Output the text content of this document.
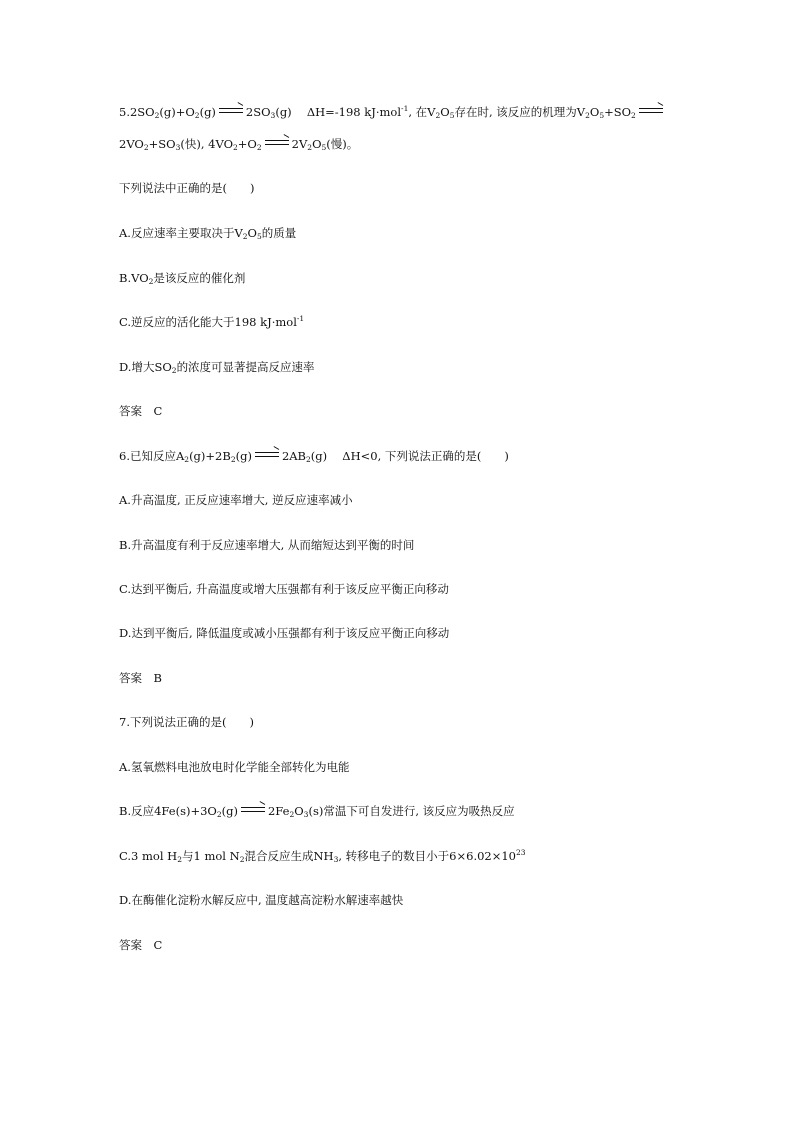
$5.2SO_2(g)+O_2(g) \to 2SO_3(g)$　 ΔH=-198 kJ·mol$^{-1}$, 在$V_2O_5$存在时, 该反应的机理为$V_2O_5+SO_2$ →
$2VO_2+SO_3$(快), $4VO_2+O_2 \to 2V_2O_5$(慢)。
下列说法中正确的是(　　)
A.反应速率主要取决于$V_2O_5$的质量
$B.VO_2$是该反应的催化剂
C.逆反应的活化能大于198 kJ·mol$^{-1}$
D.增大$SO_2$的浓度可显著提高反应速率
答案　C
6.已知反应$A_2(g)+2B_2(g) \to 2AB_2(g)$　 ΔH<0, 下列说法正确的是(　　)
A.升高温度, 正反应速率增大, 逆反应速率减小
B.升高温度有利于反应速率增大, 从而缩短达到平衡的时间
C.达到平衡后, 升高温度或增大压强都有利于该反应平衡正向移动
D.达到平衡后, 降低温度或减小压强都有利于该反应平衡正向移动
答案　B
7.下列说法正确的是(　　)
A.氢氧燃料电池放电时化学能全部转化为电能
B.反应$4Fe(s)+3O_2(g) \to 2Fe_2O_3(s)$常温下可自发进行, 该反应为吸热反应
C.3 mol $H_2$与1 mol $N_2$混合反应生成$NH_3$, 转移电子的数目小于$6\times 6.02\times 10^{23}$
D.在酶催化淀粉水解反应中, 温度越高淀粉水解速率越快
答案　C
